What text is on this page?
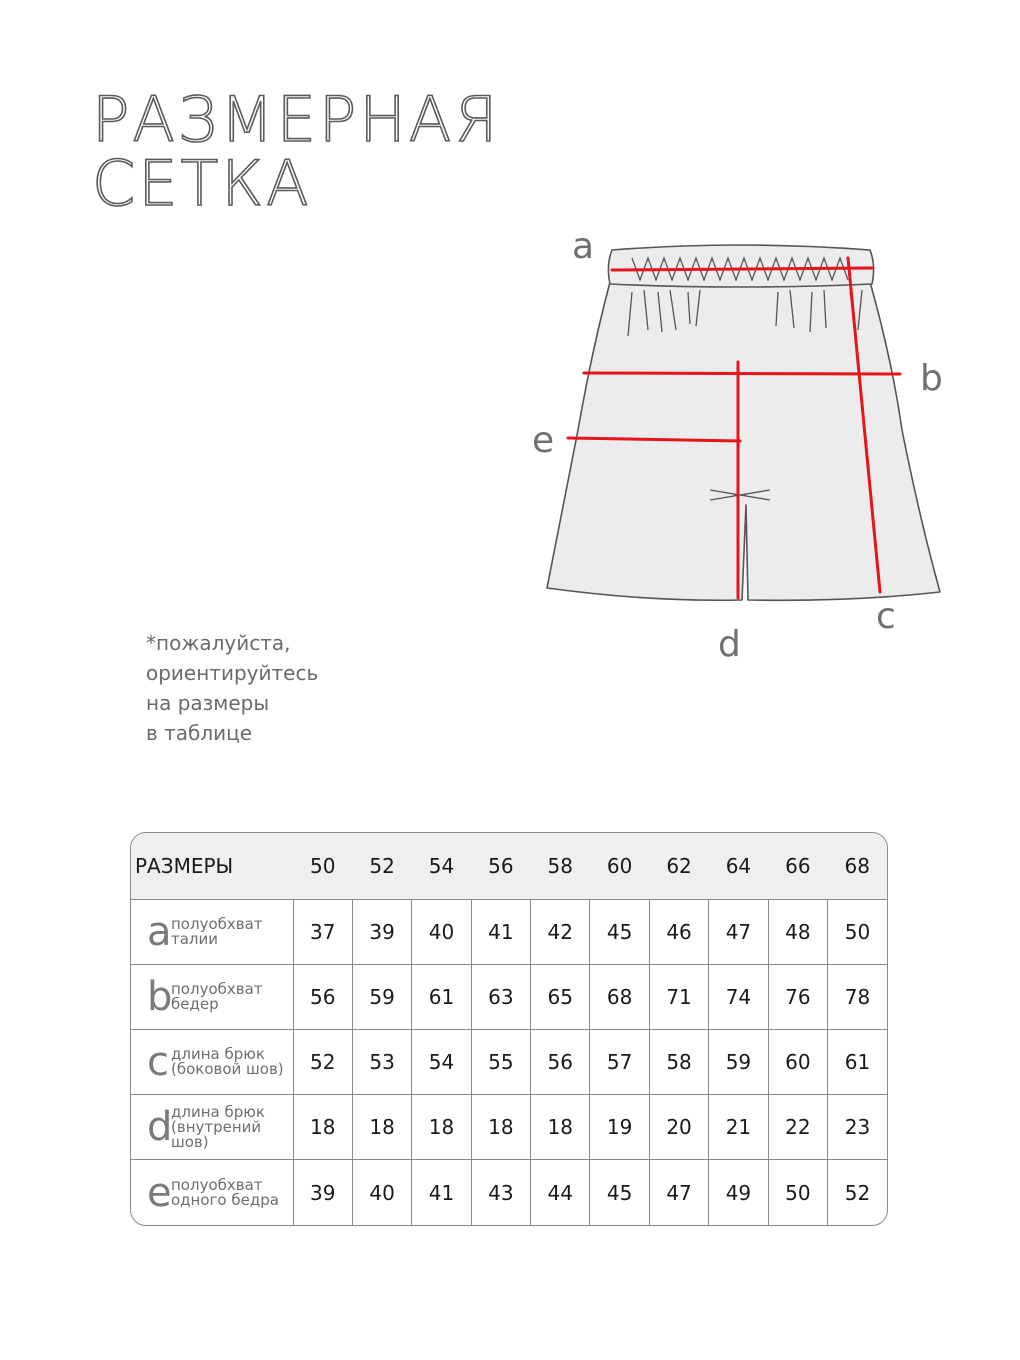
РАЗМЕРНАЯ
СЕТКА
a
b
c
d
e
*пожалуйста,
ориентируйтесь
на размеры
в таблице
РАЗМЕРЫ	50	52	54	56	58	60	62	64	66	68

a полуобхват
талии	37	39	40	41	42	45	46	47	48	50

b
полуобхват
бедер	56	59	61	63	65	68	71	74	76	78

c длина брюк
(боковой шов)	52	53	54	55	56	57	58	59	60	61

d
длина брюк
(внутрений
шов)	18	18	18	18	18	19	20	21	22	23

e полуобхват
одного бедра	39	40	41	43	44	45	47	49	50	52
